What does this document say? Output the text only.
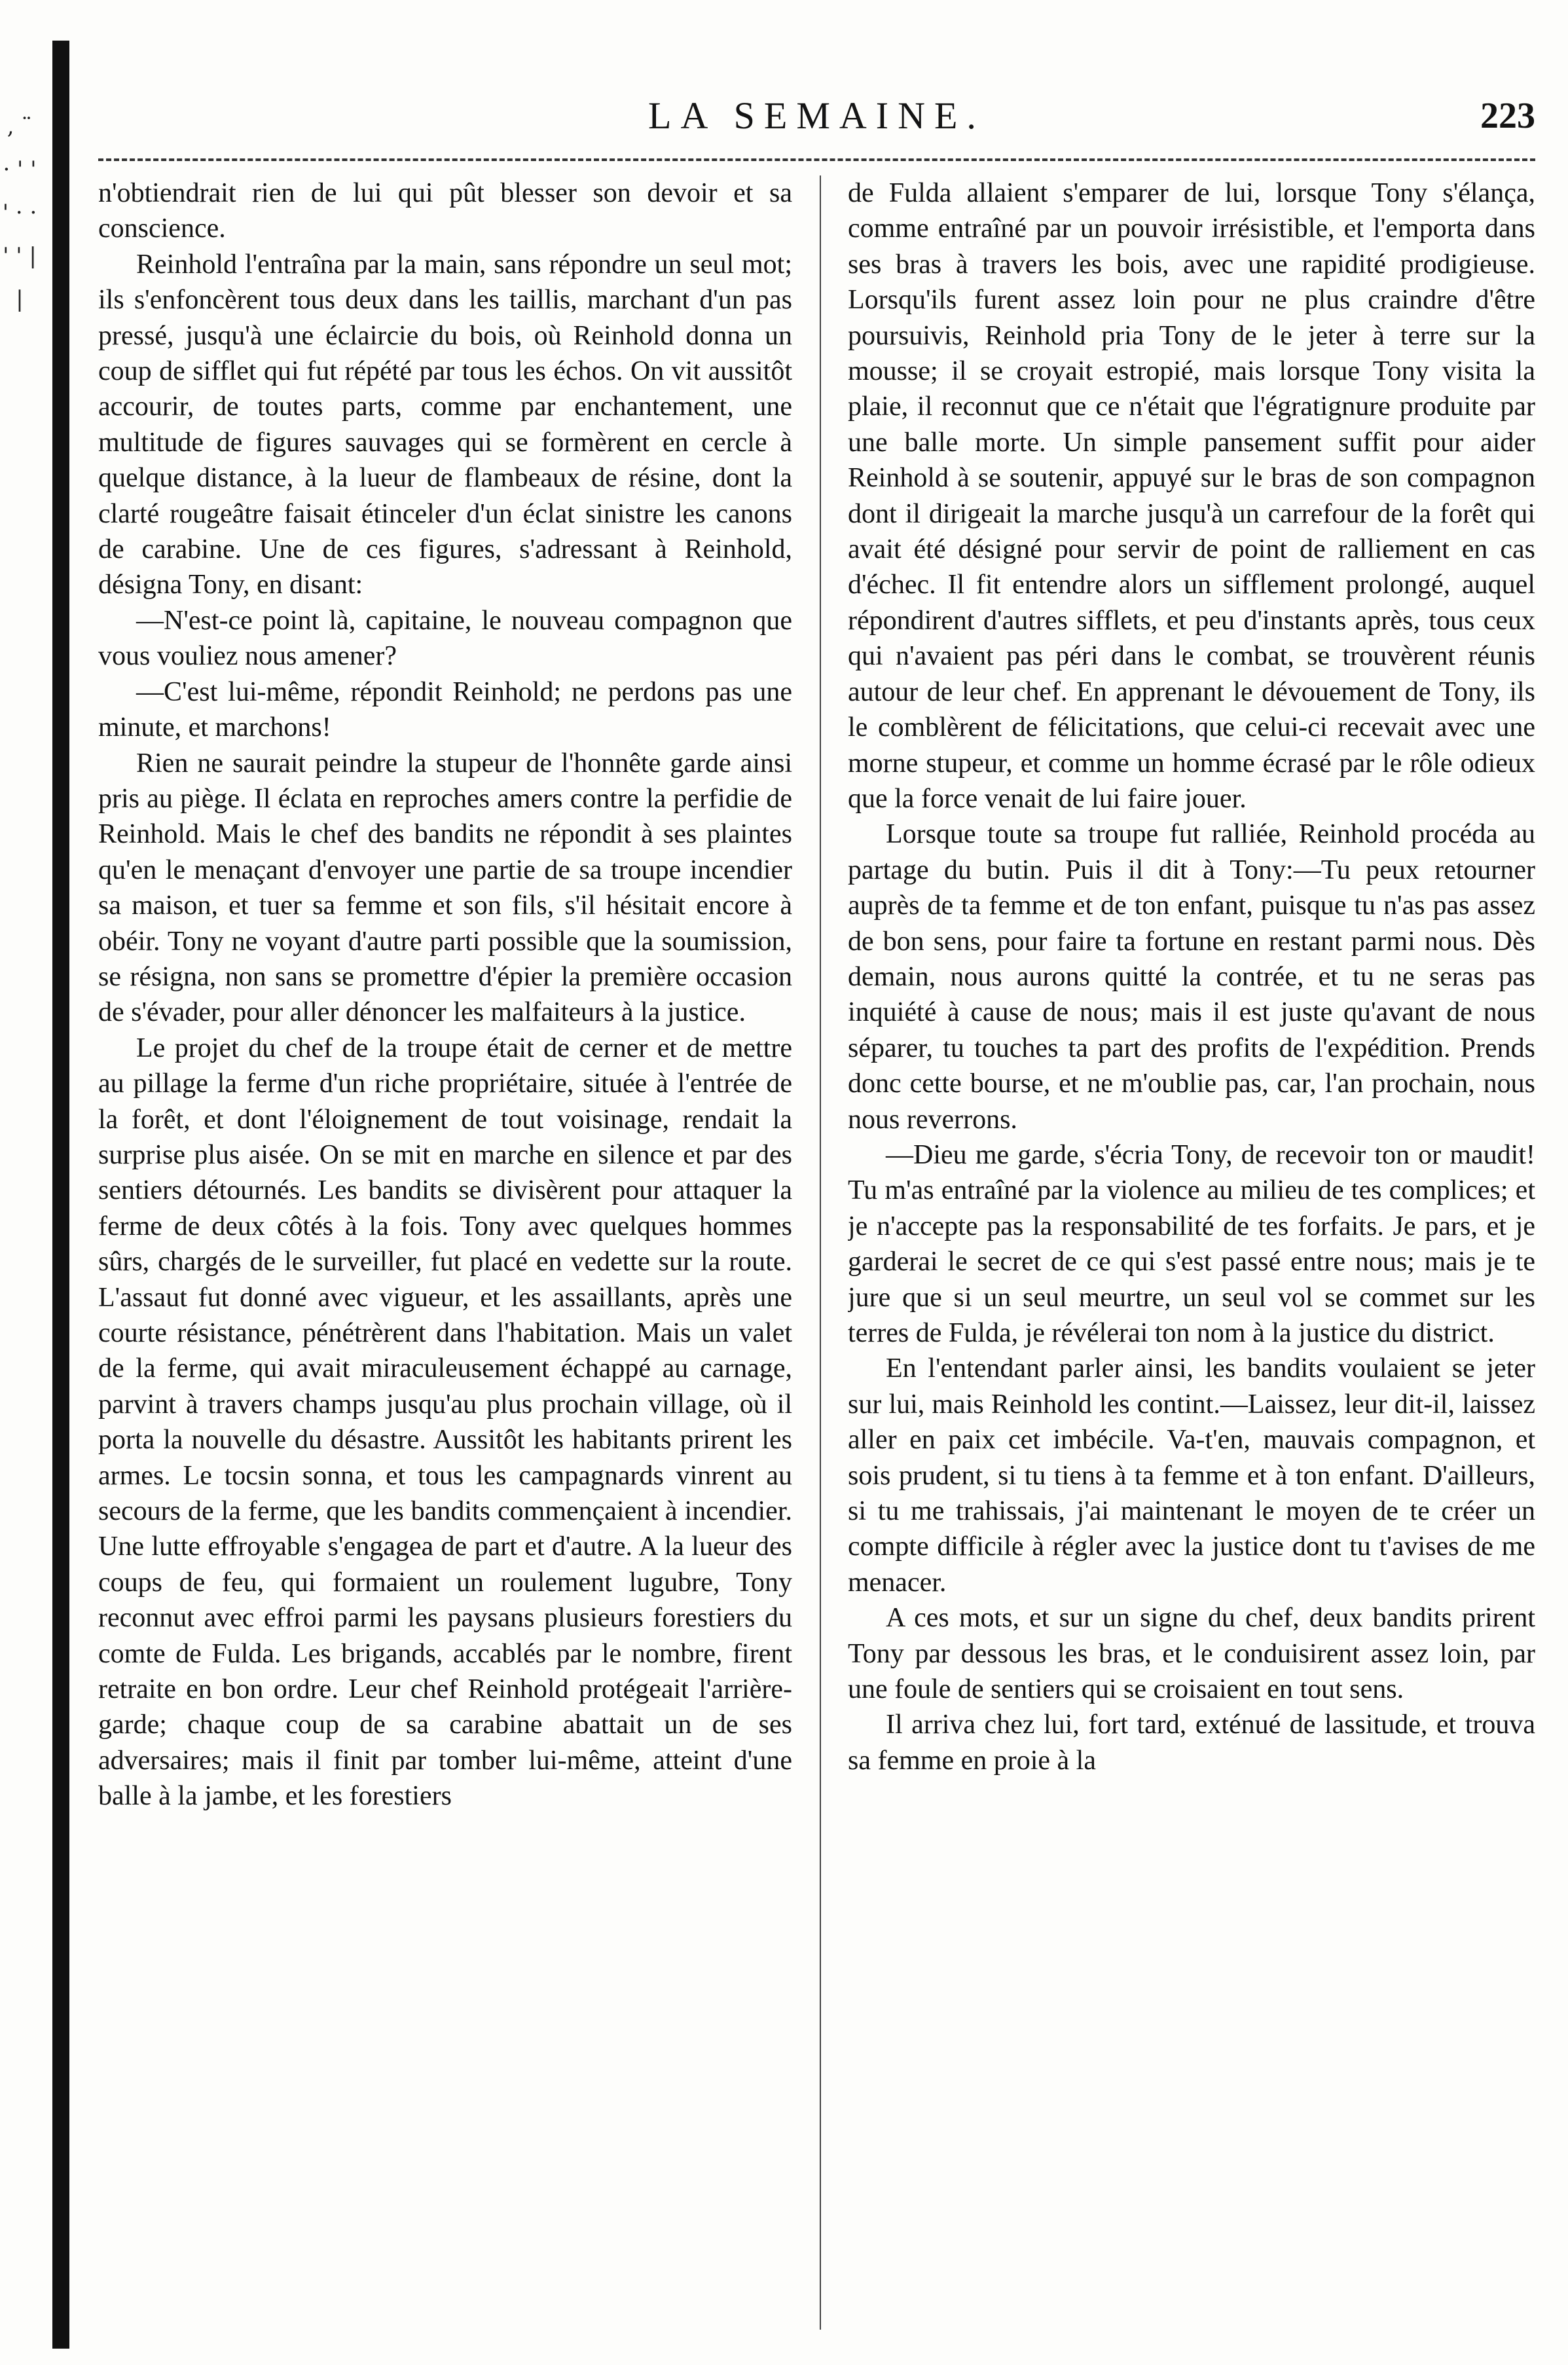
, ¨ · ' ' ' · · ' ' | |
LA SEMAINE.	223

n'obtiendrait rien de lui qui pût blesser son devoir et sa conscience.

Reinhold l'entraîna par la main, sans répondre un seul mot; ils s'enfoncèrent tous deux dans les taillis, marchant d'un pas pressé, jusqu'à une éclaircie du bois, où Reinhold donna un coup de sifflet qui fut répété par tous les échos. On vit aussitôt accourir, de toutes parts, comme par enchantement, une multitude de figures sauvages qui se formèrent en cercle à quelque distance, à la lueur de flambeaux de résine, dont la clarté rougeâtre faisait étinceler d'un éclat sinistre les canons de carabine. Une de ces figures, s'adressant à Reinhold, désigna Tony, en disant:

—N'est-ce point là, capitaine, le nouveau compagnon que vous vouliez nous amener?

—C'est lui-même, répondit Reinhold; ne perdons pas une minute, et marchons!

Rien ne saurait peindre la stupeur de l'honnête garde ainsi pris au piège. Il éclata en reproches amers contre la perfidie de Reinhold. Mais le chef des bandits ne répondit à ses plaintes qu'en le menaçant d'envoyer une partie de sa troupe incendier sa maison, et tuer sa femme et son fils, s'il hésitait encore à obéir. Tony ne voyant d'autre parti possible que la soumission, se résigna, non sans se promettre d'épier la première occasion de s'évader, pour aller dénoncer les malfaiteurs à la justice.

Le projet du chef de la troupe était de cerner et de mettre au pillage la ferme d'un riche propriétaire, située à l'entrée de la forêt, et dont l'éloignement de tout voisinage, rendait la surprise plus aisée. On se mit en marche en silence et par des sentiers détournés. Les bandits se divisèrent pour attaquer la ferme de deux côtés à la fois. Tony avec quelques hommes sûrs, chargés de le surveiller, fut placé en vedette sur la route. L'assaut fut donné avec vigueur, et les assaillants, après une courte résistance, pénétrèrent dans l'habitation. Mais un valet de la ferme, qui avait miraculeusement échappé au carnage, parvint à travers champs jusqu'au plus prochain village, où il porta la nouvelle du désastre. Aussitôt les habitants prirent les armes. Le tocsin sonna, et tous les campagnards vinrent au secours de la ferme, que les bandits commençaient à incendier. Une lutte effroyable s'engagea de part et d'autre. A la lueur des coups de feu, qui formaient un roulement lugubre, Tony reconnut avec effroi parmi les paysans plusieurs forestiers du comte de Fulda. Les brigands, accablés par le nombre, firent retraite en bon ordre. Leur chef Reinhold protégeait l'arrière-garde; chaque coup de sa carabine abattait un de ses adversaires; mais il finit par tomber lui-même, atteint d'une balle à la jambe, et les forestiers

de Fulda allaient s'emparer de lui, lorsque Tony s'élança, comme entraîné par un pouvoir irrésistible, et l'emporta dans ses bras à travers les bois, avec une rapidité prodigieuse. Lorsqu'ils furent assez loin pour ne plus craindre d'être poursuivis, Reinhold pria Tony de le jeter à terre sur la mousse; il se croyait estropié, mais lorsque Tony visita la plaie, il reconnut que ce n'était que l'égratignure produite par une balle morte. Un simple pansement suffit pour aider Reinhold à se soutenir, appuyé sur le bras de son compagnon dont il dirigeait la marche jusqu'à un carrefour de la forêt qui avait été désigné pour servir de point de ralliement en cas d'échec. Il fit entendre alors un sifflement prolongé, auquel répondirent d'autres sifflets, et peu d'instants après, tous ceux qui n'avaient pas péri dans le combat, se trouvèrent réunis autour de leur chef. En apprenant le dévouement de Tony, ils le comblèrent de félicitations, que celui-ci recevait avec une morne stupeur, et comme un homme écrasé par le rôle odieux que la force venait de lui faire jouer.

Lorsque toute sa troupe fut ralliée, Reinhold procéda au partage du butin. Puis il dit à Tony:—Tu peux retourner auprès de ta femme et de ton enfant, puisque tu n'as pas assez de bon sens, pour faire ta fortune en restant parmi nous. Dès demain, nous aurons quitté la contrée, et tu ne seras pas inquiété à cause de nous; mais il est juste qu'avant de nous séparer, tu touches ta part des profits de l'expédition. Prends donc cette bourse, et ne m'oublie pas, car, l'an prochain, nous nous reverrons.

—Dieu me garde, s'écria Tony, de recevoir ton or maudit! Tu m'as entraîné par la violence au milieu de tes complices; et je n'accepte pas la responsabilité de tes forfaits. Je pars, et je garderai le secret de ce qui s'est passé entre nous; mais je te jure que si un seul meurtre, un seul vol se commet sur les terres de Fulda, je révélerai ton nom à la justice du district.

En l'entendant parler ainsi, les bandits voulaient se jeter sur lui, mais Reinhold les contint.—Laissez, leur dit-il, laissez aller en paix cet imbécile. Va-t'en, mauvais compagnon, et sois prudent, si tu tiens à ta femme et à ton enfant. D'ailleurs, si tu me trahissais, j'ai maintenant le moyen de te créer un compte difficile à régler avec la justice dont tu t'avises de me menacer.

A ces mots, et sur un signe du chef, deux bandits prirent Tony par dessous les bras, et le conduisirent assez loin, par une foule de sentiers qui se croisaient en tout sens.

Il arriva chez lui, fort tard, exténué de lassitude, et trouva sa femme en proie à la
